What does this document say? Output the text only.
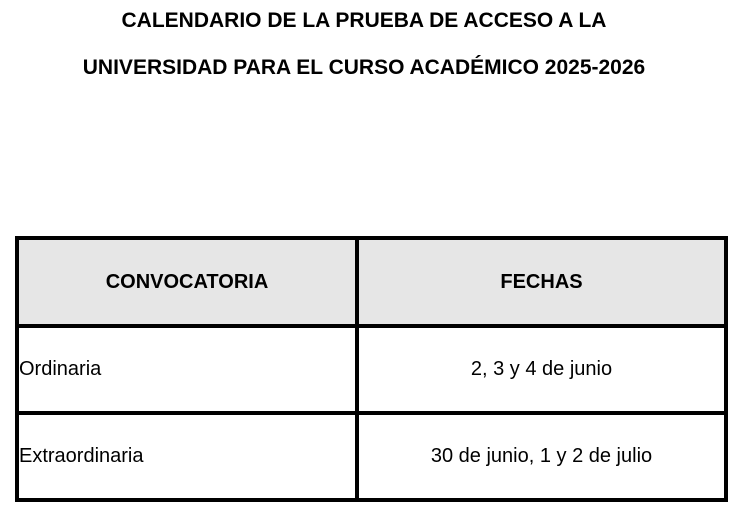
CALENDARIO DE LA PRUEBA DE ACCESO A LA
UNIVERSIDAD PARA EL CURSO ACADÉMICO 2025-2026
CONVOCATORIA	FECHAS
Ordinaria	2, 3 y 4 de junio
Extraordinaria	30 de junio, 1 y 2 de julio
